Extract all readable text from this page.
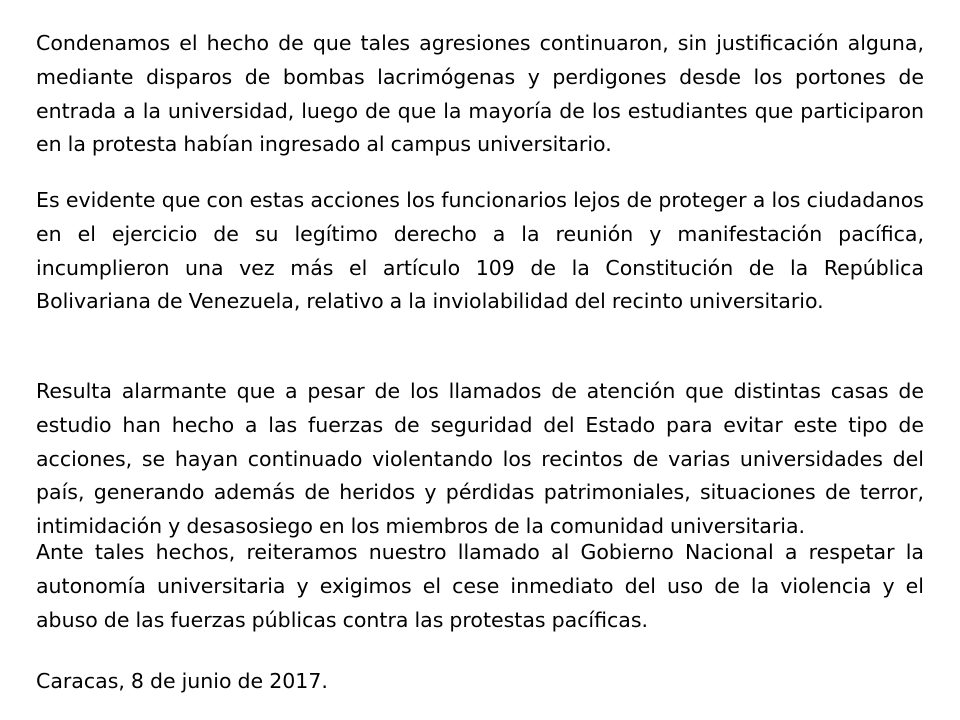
Condenamos el hecho de que tales agresiones continuaron, sin justificación alguna, mediante disparos de bombas lacrimógenas y perdigones desde los portones de entrada a la universidad, luego de que la mayoría de los estudiantes que participaron en la protesta habían ingresado al campus universitario.

Es evidente que con estas acciones los funcionarios lejos de proteger a los ciudadanos en el ejercicio de su legítimo derecho a la reunión y manifestación pacífica, incumplieron una vez más el artículo 109 de la Constitución de la República Bolivariana de Venezuela, relativo a la inviolabilidad del recinto universitario.

Resulta alarmante que a pesar de los llamados de atención que distintas casas de estudio han hecho a las fuerzas de seguridad del Estado para evitar este tipo de acciones, se hayan continuado violentando los recintos de varias universidades del país, generando además de heridos y pérdidas patrimoniales, situaciones de terror, intimidación y desasosiego en los miembros de la comunidad universitaria.

Ante tales hechos, reiteramos nuestro llamado al Gobierno Nacional a respetar la autonomía universitaria y exigimos el cese inmediato del uso de la violencia y el abuso de las fuerzas públicas contra las protestas pacíficas.

Caracas, 8 de junio de 2017.
